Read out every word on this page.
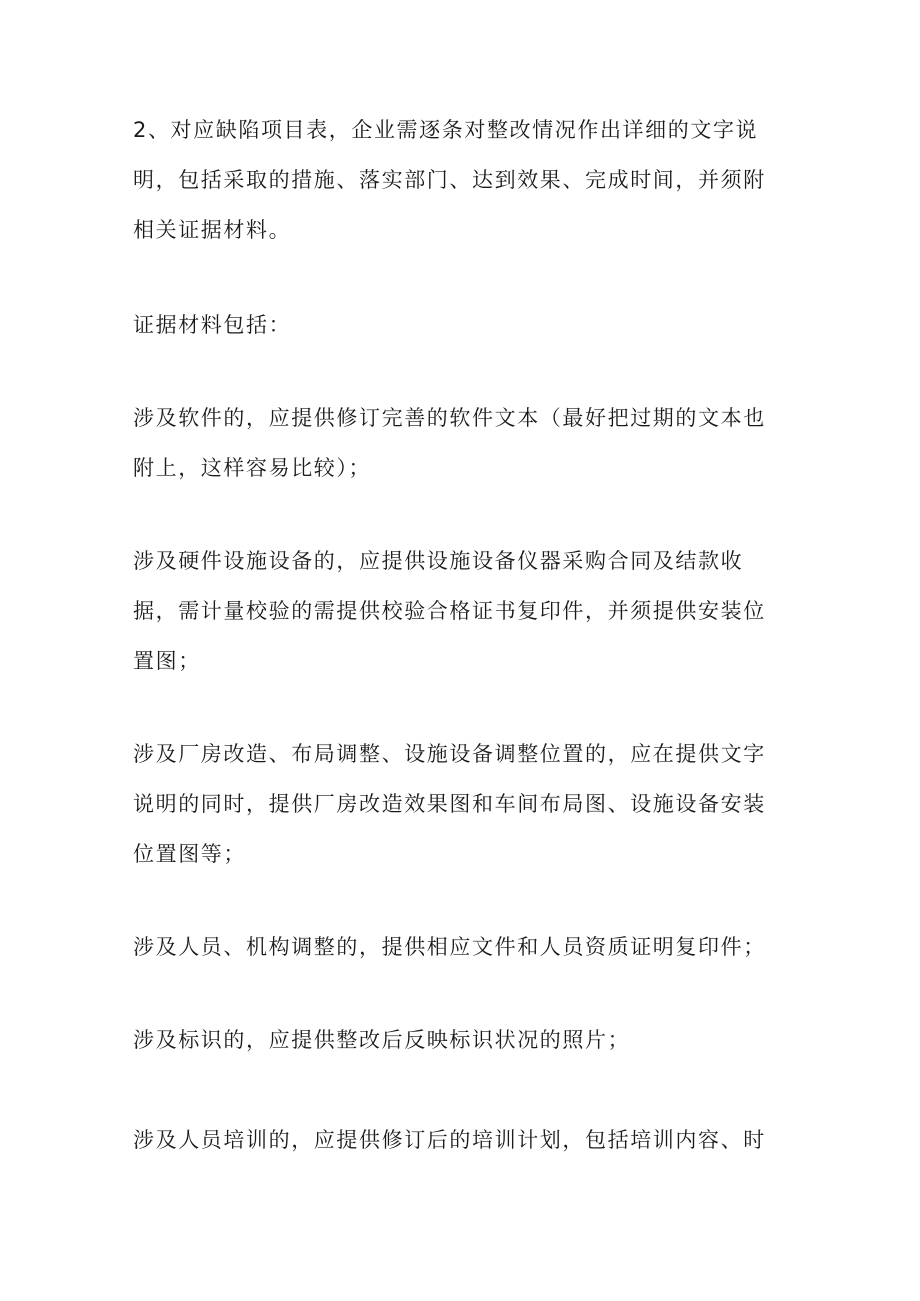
2、对应缺陷项目表，企业需逐条对整改情况作出详细的文字说
明，包括采取的措施、落实部门、达到效果、完成时间，并须附
相关证据材料。
证据材料包括：
涉及软件的，应提供修订完善的软件文本（最好把过期的文本也
附上，这样容易比较）；
涉及硬件设施设备的，应提供设施设备仪器采购合同及结款收
据，需计量校验的需提供校验合格证书复印件，并须提供安装位
置图；
涉及厂房改造、布局调整、设施设备调整位置的，应在提供文字
说明的同时，提供厂房改造效果图和车间布局图、设施设备安装
位置图等；
涉及人员、机构调整的，提供相应文件和人员资质证明复印件；
涉及标识的，应提供整改后反映标识状况的照片；
涉及人员培训的，应提供修订后的培训计划，包括培训内容、时
